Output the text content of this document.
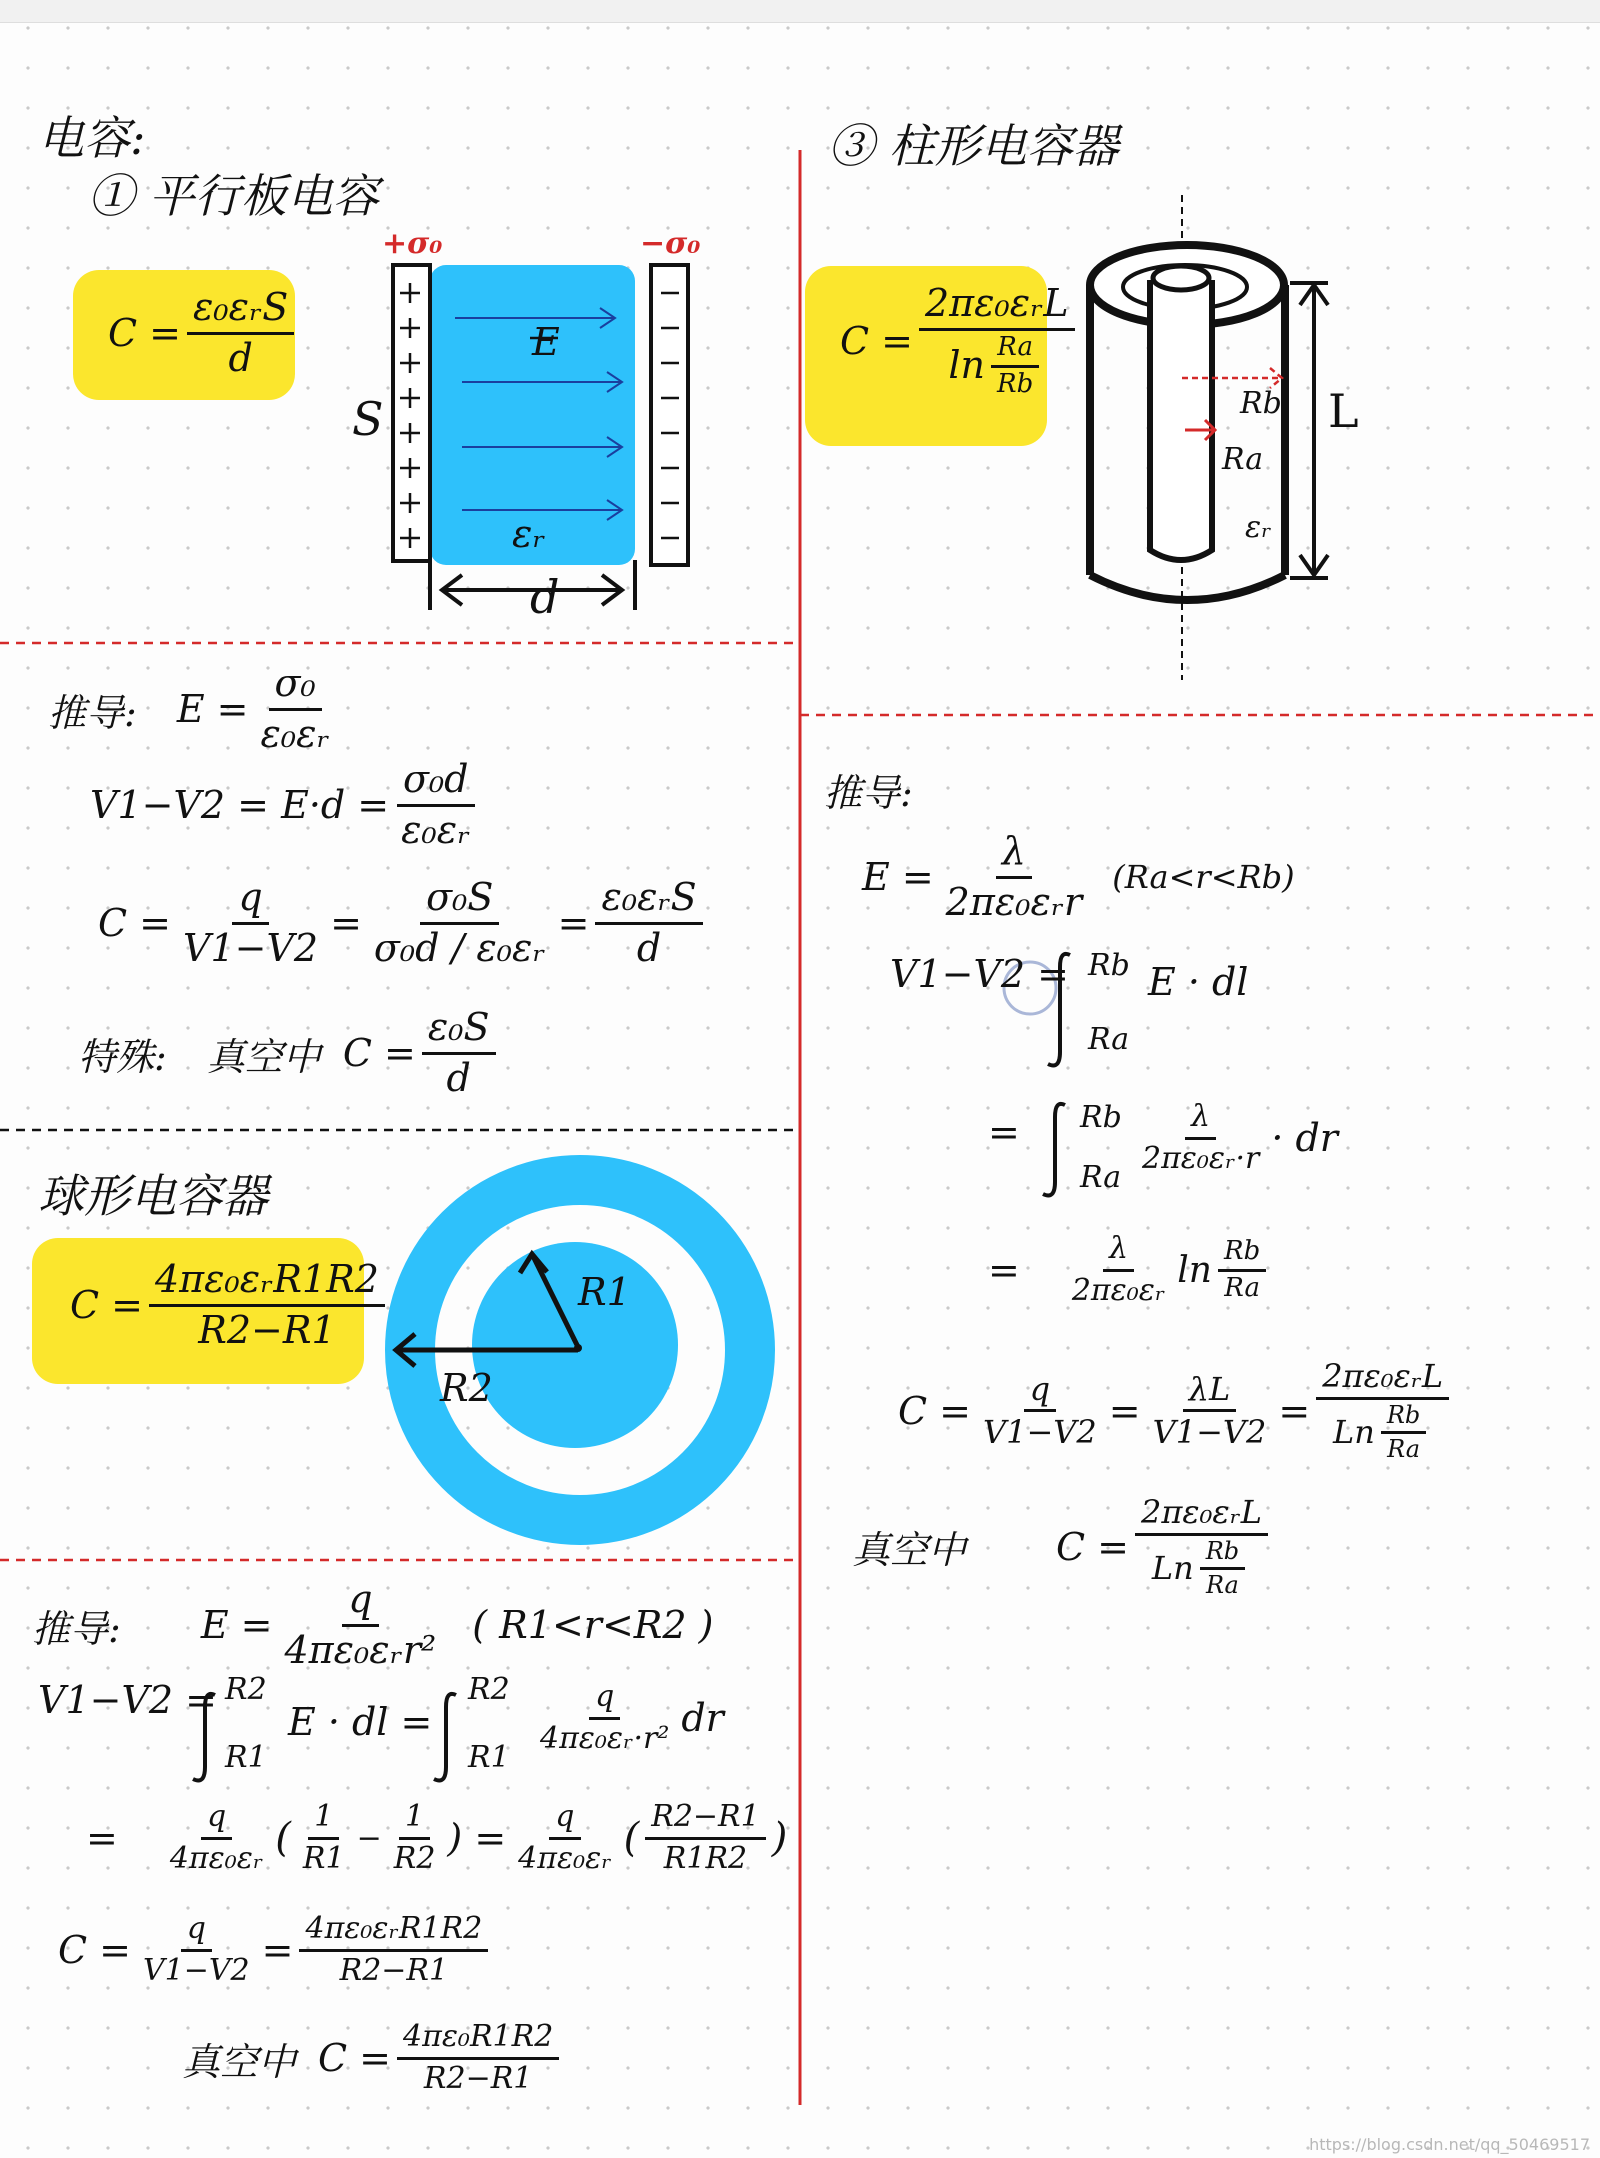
电容:
① 平行板电容
$C = \frac{\text{ε₀εᵣS}}{d}$
+σ₀	−σ₀
S
E
εᵣ
d
推导: $E = \frac{\text{σ₀}}{\text{ε₀εᵣ}}$
$V1-V2 = E\cdot d = \frac{\text{σ₀d}}{\text{ε₀εᵣ}}$
$C = \frac{q}{V1-V2} = \frac{\text{σ₀S}}{\text{σ₀d / ε₀εᵣ}} = \frac{\text{ε₀εᵣS}}{d}$
特殊: 真空中 $C = \frac{\text{ε₀S}}{d}$
球形电容器
$C = \frac{\text{4πε₀εᵣR1R2}}{R2-R1}$	R1
R2
推导: $E = \frac{q}{\text{4πε₀εᵣr²}}$ ( R1<r<R2 )
V1−V2 = R2
R1
E · dl =
R2
R1
$\frac{q}{\text{4πε₀εᵣ·r²}}$ dr
= $\frac{q}{\text{4πε₀εᵣ}}$ ( $\frac{1}{R1} - \frac{1}{R2}$ ) = $\frac{q}{\text{4πε₀εᵣ}}$ ( $\frac{R2-R1}{R1R2}$ )
$C = \frac{q}{V1-V2} = \frac{\text{4πε₀εᵣR1R2}}{R2-R1}$
真空中 $C = \frac{\text{4πε₀R1R2}}{R2-R1}$
③ 柱形电容器
$C = \frac{\text{2πε₀εᵣL}}{\ln \frac{Ra}{Rb}}$
Rb
Ra
εᵣ
L
推导:
$E = \frac{\lambda}{\text{2πε₀εᵣr}} (Ra<r<Rb)$
V1−V2 = Rb
Ra
E · dl
= Rb
Ra
$\frac{\lambda}{\text{2πε₀εᵣ·r}}$ · dr
= $\frac{\lambda}{\text{2πε₀εᵣ}}$ $\ln \frac{Rb}{Ra}$
$C = \frac{q}{V1-V2} = \frac{\lambda L}{V1-V2} = \frac{\text{2πε₀εᵣL}}{Ln \frac{Rb}{Ra}}$
真空中 $C = \frac{\text{2πε₀εᵣL}}{Ln \frac{Rb}{Ra}}$
https://blog.csdn.net/qq_50469517
